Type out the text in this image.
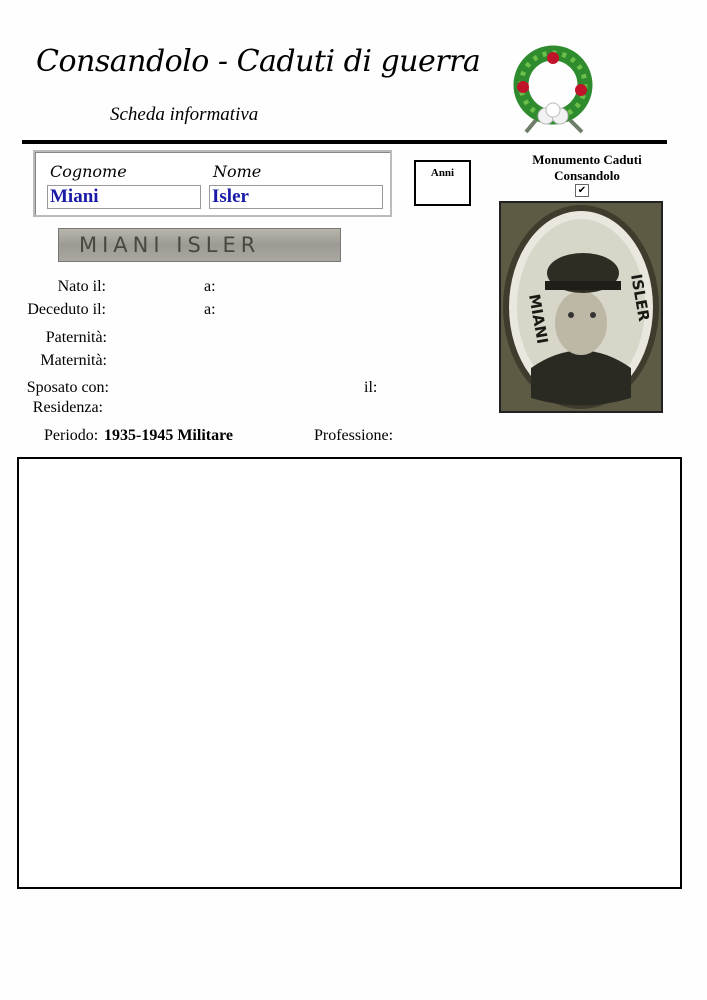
Consandolo - Caduti di guerra
Scheda informativa
Cognome	Nome
Miani	Isler
Anni
Monumento Caduti
Consandolo
✔
MIANI	ISLER
MIANI ISLER
Nato il:	a:
Deceduto il:	a:
Paternità:
Maternità:
Sposato con:	il:
Residenza:
Periodo: 1935-1945 Militare	Professione:
